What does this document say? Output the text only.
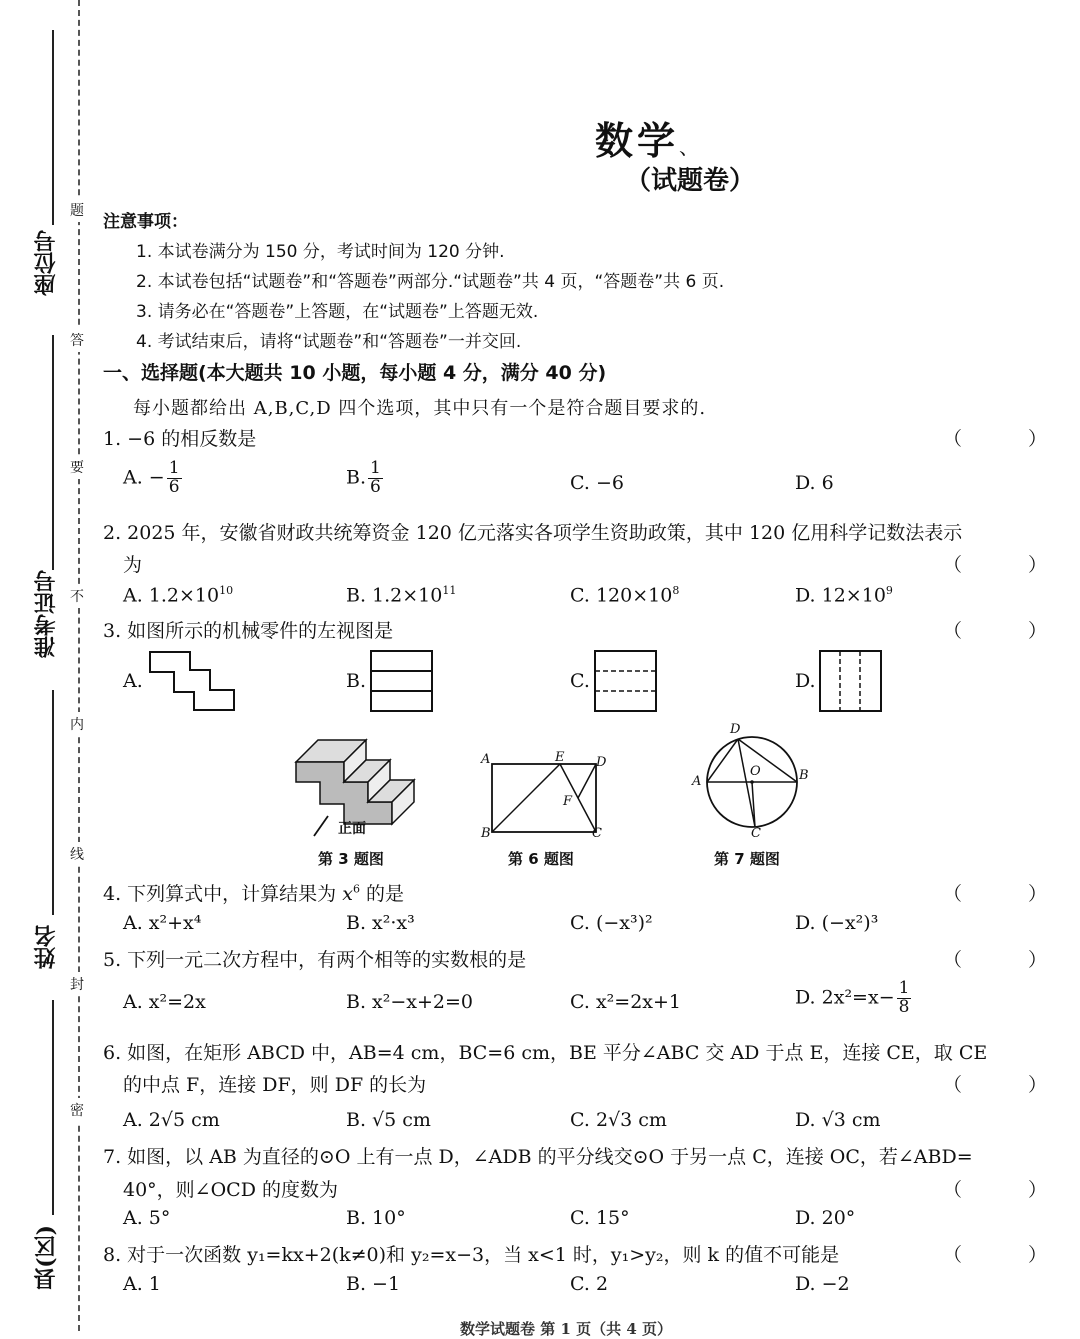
座位号
准考证号
姓名
县(区)
题
答
要
不
内
线
封
密
数学、
（试题卷）
注意事项：
1. 本试卷满分为 150 分，考试时间为 120 分钟.
2. 本试卷包括“试题卷”和“答题卷”两部分.“试题卷”共 4 页，“答题卷”共 6 页.
3. 请务必在“答题卷”上答题，在“试题卷”上答题无效.
4. 考试结束后，请将“试题卷”和“答题卷”一并交回.
一、选择题(本大题共 10 小题，每小题 4 分，满分 40 分)
每小题都给出 A,B,C,D 四个选项，其中只有一个是符合题目要求的.
1. −6 的相反数是	（ ）
A. − $\frac{1}{6}$	B. $\frac{1}{6}$	C. −6	D. 6
2. 2025 年，安徽省财政共统筹资金 120 亿元落实各项学生资助政策，其中 120 亿用科学记数法表示
为	（ ）
A. $1.2\times 10^{10}$	B. $1.2\times 10^{11}$	C. $120\times 10^8$	D. $12\times 10^9$
3. 如图所示的机械零件的左视图是	（ ）
A.	B.	C.	D.
正面
第 3 题图
A	E D
F
B	C
第 6 题图
D
O
A	B
C
第 7 题图
4. 下列算式中，计算结果为 $x^6$ 的是	（ ）
A. x²+x⁴	B. x²·x³	C. (−x³)²	D. (−x²)³
5. 下列一元二次方程中，有两个相等的实数根的是	（ ）
A. x²=2x	B. x²−x+2=0	C. x²=2x+1	D. $2x^2=x- \frac{1}{8}$
6. 如图，在矩形 ABCD 中，AB=4 cm，BC=6 cm，BE 平分∠ABC 交 AD 于点 E，连接 CE，取 CE
的中点 F，连接 DF，则 DF 的长为	（ ）
A. 2√5 cm	B. √5 cm	C. 2√3 cm	D. √3 cm
7. 如图，以 AB 为直径的⊙O 上有一点 D，∠ADB 的平分线交⊙O 于另一点 C，连接 OC，若∠ABD=
40°，则∠OCD 的度数为	（ ）
A. 5°	B. 10°	C. 15°	D. 20°
8. 对于一次函数 y₁=kx+2(k≠0)和 y₂=x−3，当 x<1 时，y₁>y₂，则 k 的值不可能是	（ ）
A. 1	B. −1	C. 2	D. −2
数学试题卷 第 1 页（共 4 页）
